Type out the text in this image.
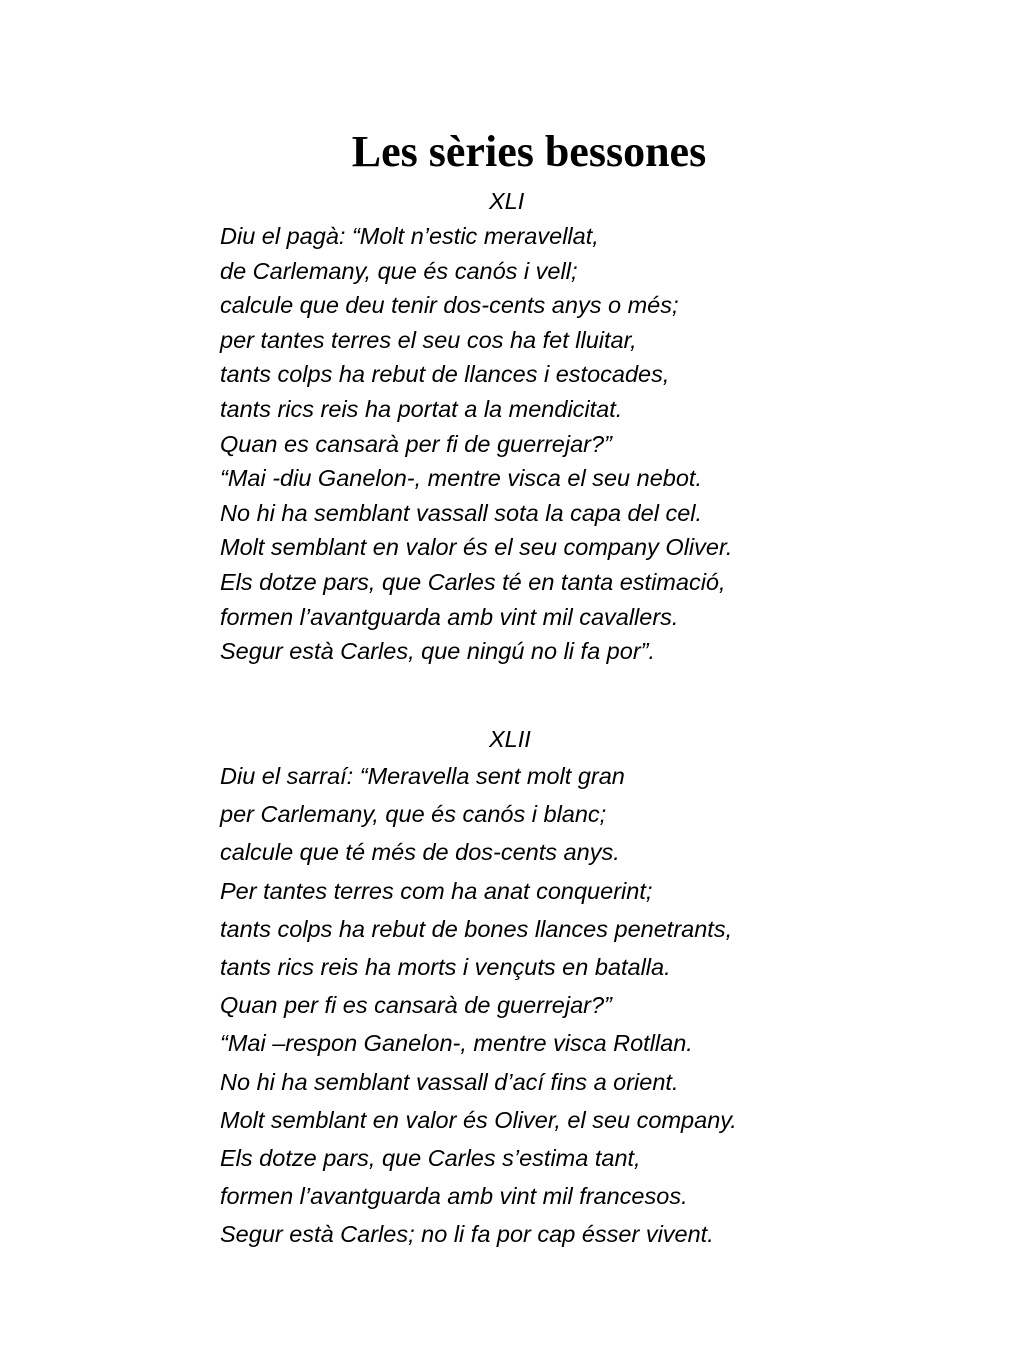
Les sèries bessones
XLI
Diu el pagà: “Molt n’estic meravellat,
de Carlemany, que és canós i vell;
calcule que deu tenir dos-cents anys o més;
per tantes terres el seu cos ha fet lluitar,
tants colps ha rebut de llances i estocades,
tants rics reis ha portat a la mendicitat.
Quan es cansarà per fi de guerrejar?”
“Mai -diu Ganelon-, mentre visca el seu nebot.
No hi ha semblant vassall sota la capa del cel.
Molt semblant en valor és el seu company Oliver.
Els dotze pars, que Carles té en tanta estimació,
formen l’avantguarda amb vint mil cavallers.
Segur està Carles, que ningú no li fa por”.
XLII
Diu el sarraí: “Meravella sent molt gran
per Carlemany, que és canós i blanc;
calcule que té més de dos-cents anys.
Per tantes terres com ha anat conquerint;
tants colps ha rebut de bones llances penetrants,
tants rics reis ha morts i vençuts en batalla.
Quan per fi es cansarà de guerrejar?”
“Mai –respon Ganelon-, mentre visca Rotllan.
No hi ha semblant vassall d’ací fins a orient.
Molt semblant en valor és Oliver, el seu company.
Els dotze pars, que Carles s’estima tant,
formen l’avantguarda amb vint mil francesos.
Segur està Carles; no li fa por cap ésser vivent.
